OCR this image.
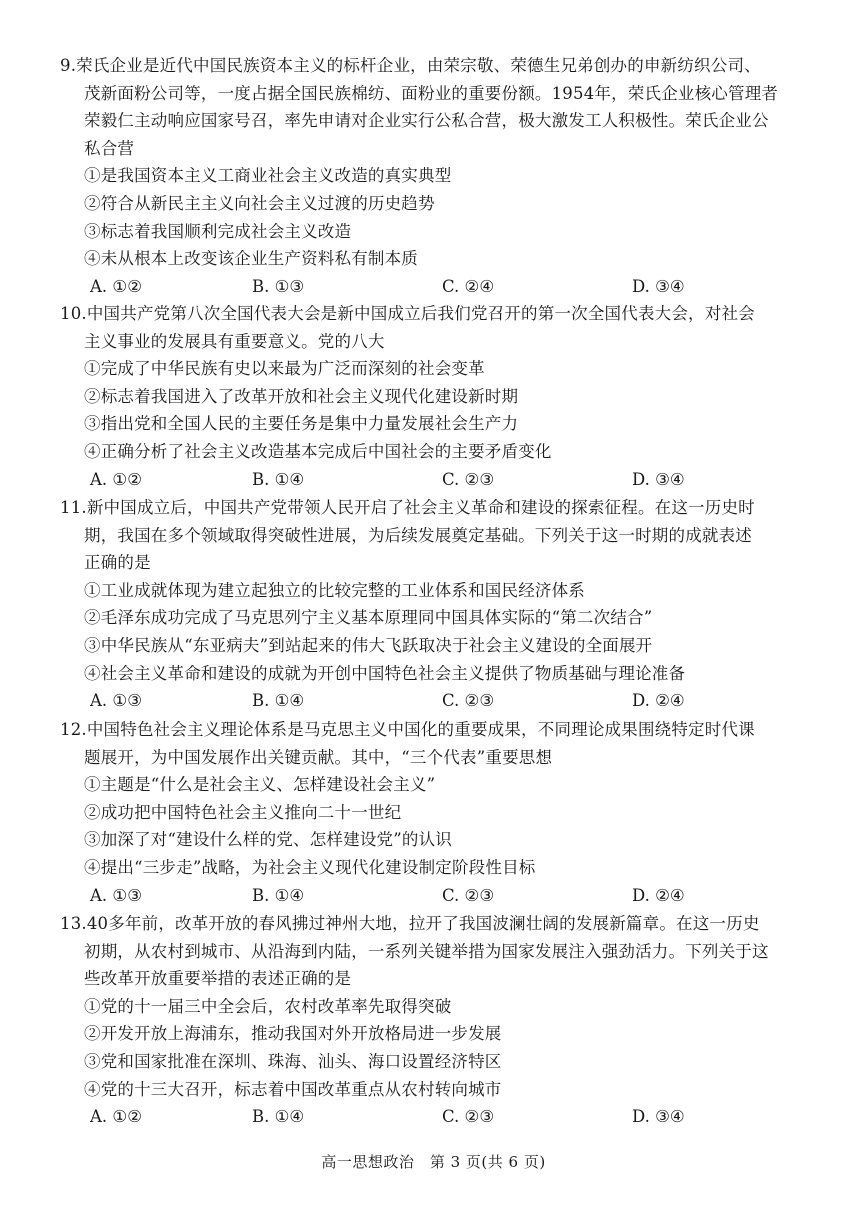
9.荣氏企业是近代中国民族资本主义的标杆企业，由荣宗敬、荣德生兄弟创办的申新纺织公司、
茂新面粉公司等，一度占据全国民族棉纺、面粉业的重要份额。1954年，荣氏企业核心管理者
荣毅仁主动响应国家号召，率先申请对企业实行公私合营，极大激发工人积极性。荣氏企业公
私合营
①是我国资本主义工商业社会主义改造的真实典型
②符合从新民主主义向社会主义过渡的历史趋势
③标志着我国顺利完成社会主义改造
④未从根本上改变该企业生产资料私有制本质
A. ①②	B. ①③	C. ②④	D. ③④
10.中国共产党第八次全国代表大会是新中国成立后我们党召开的第一次全国代表大会，对社会
主义事业的发展具有重要意义。党的八大
①完成了中华民族有史以来最为广泛而深刻的社会变革
②标志着我国进入了改革开放和社会主义现代化建设新时期
③指出党和全国人民的主要任务是集中力量发展社会生产力
④正确分析了社会主义改造基本完成后中国社会的主要矛盾变化
A. ①②	B. ①④	C. ②③	D. ③④
11.新中国成立后，中国共产党带领人民开启了社会主义革命和建设的探索征程。在这一历史时
期，我国在多个领域取得突破性进展，为后续发展奠定基础。下列关于这一时期的成就表述
正确的是
①工业成就体现为建立起独立的比较完整的工业体系和国民经济体系
②毛泽东成功完成了马克思列宁主义基本原理同中国具体实际的“第二次结合”
③中华民族从“东亚病夫”到站起来的伟大飞跃取决于社会主义建设的全面展开
④社会主义革命和建设的成就为开创中国特色社会主义提供了物质基础与理论准备
A. ①③	B. ①④	C. ②③	D. ②④
12.中国特色社会主义理论体系是马克思主义中国化的重要成果，不同理论成果围绕特定时代课
题展开，为中国发展作出关键贡献。其中，“三个代表”重要思想
①主题是“什么是社会主义、怎样建设社会主义”
②成功把中国特色社会主义推向二十一世纪
③加深了对“建设什么样的党、怎样建设党”的认识
④提出“三步走”战略，为社会主义现代化建设制定阶段性目标
A. ①③	B. ①④	C. ②③	D. ②④
13.40多年前，改革开放的春风拂过神州大地，拉开了我国波澜壮阔的发展新篇章。在这一历史
初期，从农村到城市、从沿海到内陆，一系列关键举措为国家发展注入强劲活力。下列关于这
些改革开放重要举措的表述正确的是
①党的十一届三中全会后，农村改革率先取得突破
②开发开放上海浦东，推动我国对外开放格局进一步发展
③党和国家批准在深圳、珠海、汕头、海口设置经济特区
④党的十三大召开，标志着中国改革重点从农村转向城市
A. ①②	B. ①④	C. ②③	D. ③④
高一思想政治　第 3 页(共 6 页)
